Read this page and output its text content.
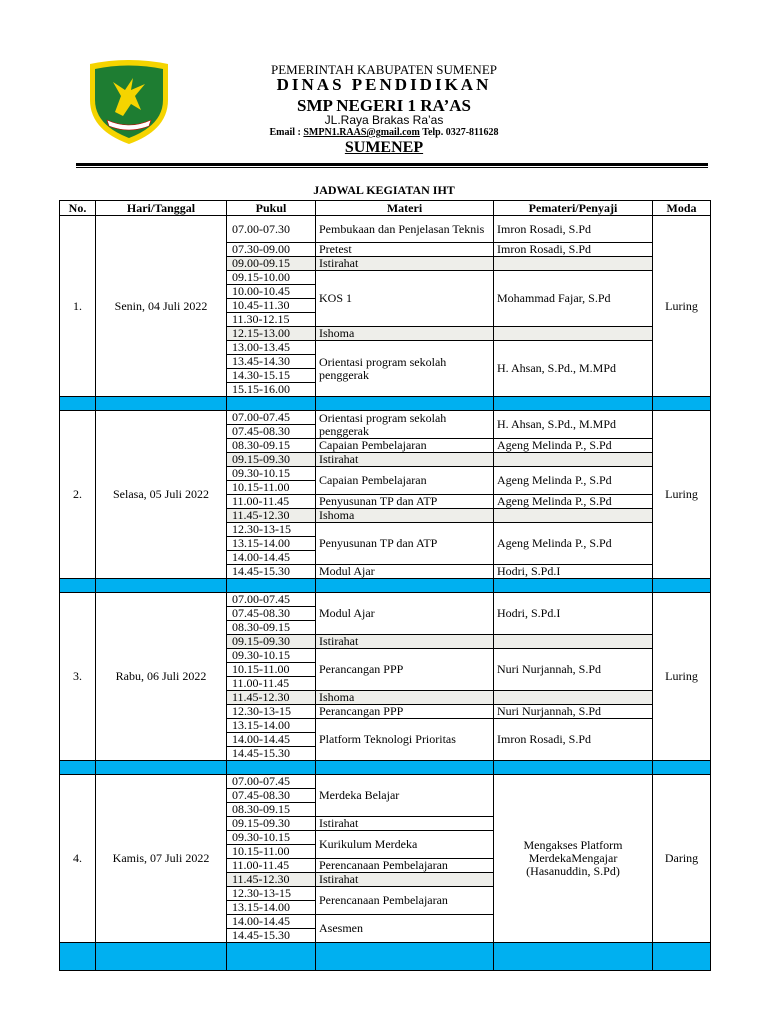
PEMERINTAH KABUPATEN SUMENEP
DINAS PENDIDIKAN
SMP NEGERI 1 RA’AS
JL.Raya Brakas Ra’as
Email : SMPN1.RAAS@gmail.com Telp. 0327-811628
SUMENEP
JADWAL KEGIATAN IHT
No.	Hari/Tanggal	Pukul	Materi	Pemateri/Penyaji	Moda
1.	Senin, 04 Juli 2022	07.00-07.30	Pembukaan dan Penjelasan Teknis	Imron Rosadi, S.Pd	Luring
		07.30-09.00	Pretest	Imron Rosadi, S.Pd	
		09.00-09.15	Istirahat		
		09.15-10.00	KOS 1	Mohammad Fajar, S.Pd	
		10.00-10.45			
		10.45-11.30			
		11.30-12.15			
		12.15-13.00	Ishoma		
		13.00-13.45	Orientasi program sekolah penggerak	H. Ahsan, S.Pd., M.MPd	
		13.45-14.30			
		14.30-15.15			
		15.15-16.00			

2.	Selasa, 05 Juli 2022	07.00-07.45	Orientasi program sekolah penggerak	H. Ahsan, S.Pd., M.MPd	Luring
		07.45-08.30			
		08.30-09.15	Capaian Pembelajaran	Ageng Melinda P., S.Pd	
		09.15-09.30	Istirahat		
		09.30-10.15	Capaian Pembelajaran	Ageng Melinda P., S.Pd	
		10.15-11.00			
		11.00-11.45	Penyusunan TP dan ATP	Ageng Melinda P., S.Pd	
		11.45-12.30	Ishoma		
		12.30-13-15	Penyusunan TP dan ATP	Ageng Melinda P., S.Pd	
		13.15-14.00			
		14.00-14.45			
		14.45-15.30	Modul Ajar	Hodri, S.Pd.I	

3.	Rabu, 06 Juli 2022	07.00-07.45	Modul Ajar	Hodri, S.Pd.I	Luring
		07.45-08.30			
		08.30-09.15			
		09.15-09.30	Istirahat		
		09.30-10.15	Perancangan PPP	Nuri Nurjannah, S.Pd	
		10.15-11.00			
		11.00-11.45			
		11.45-12.30	Ishoma		
		12.30-13-15	Perancangan PPP	Nuri Nurjannah, S.Pd	
		13.15-14.00	Platform Teknologi Prioritas	Imron Rosadi, S.Pd	
		14.00-14.45			
		14.45-15.30			

4.	Kamis, 07 Juli 2022	07.00-07.45	Merdeka Belajar	Mengakses Platform MerdekaMengajar (Hasanuddin, S.Pd)	Daring
		07.45-08.30			
		08.30-09.15			
		09.15-09.30	Istirahat		
		09.30-10.15	Kurikulum Merdeka		
		10.15-11.00			
		11.00-11.45	Perencanaan Pembelajaran		
		11.45-12.30	Istirahat		
		12.30-13-15	Perencanaan Pembelajaran		
		13.15-14.00			
		14.00-14.45	Asesmen		
		14.45-15.30			
